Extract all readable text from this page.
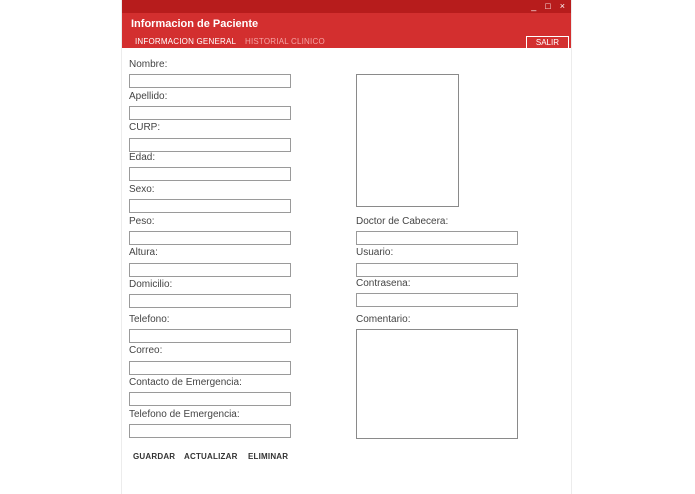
_ □ ×
Informacion de Paciente
INFORMACION GENERAL HISTORIAL CLINICO	SALIR
Nombre:
Apellido:
CURP:
Edad:
Sexo:
Peso:
Altura:
Domicilio:
Telefono:
Correo:
Contacto de Emergencia:
Telefono de Emergencia:
Doctor de Cabecera:
Usuario:
Contrasena:
Comentario:
GUARDAR ACTUALIZAR ELIMINAR
